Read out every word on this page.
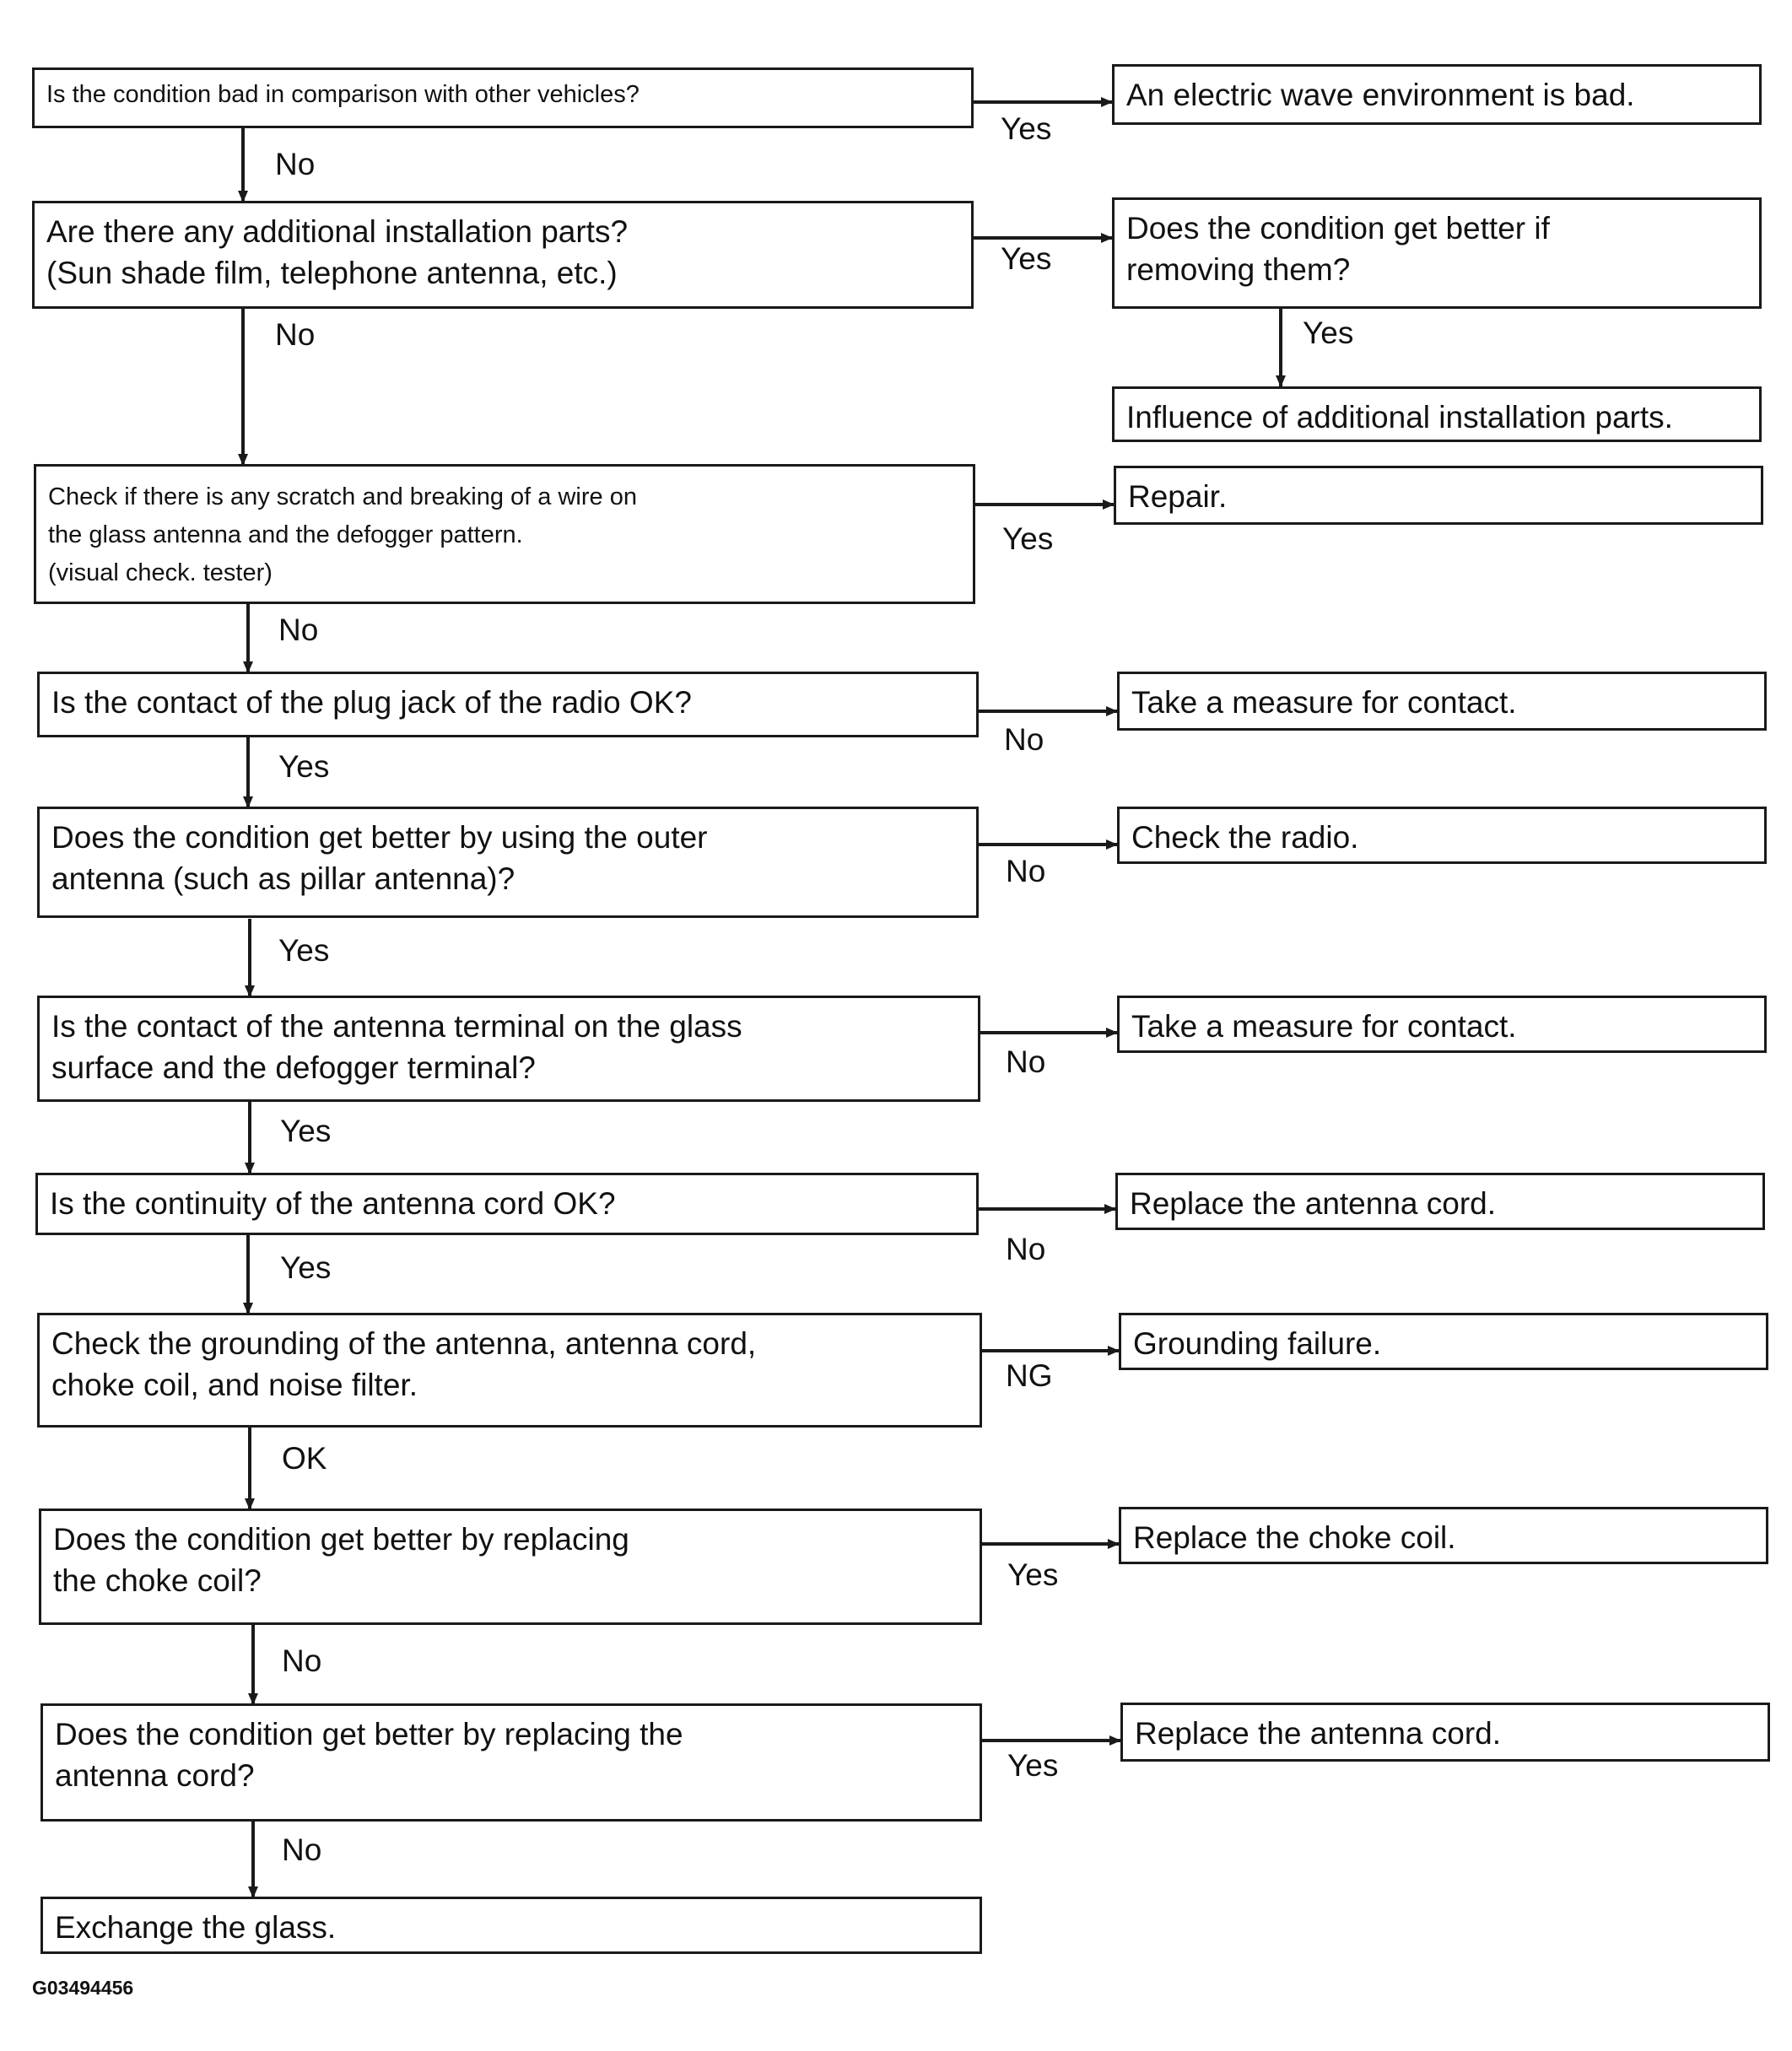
Is the condition bad in comparison with other vehicles?
Are there any additional installation parts?
(Sun shade film, telephone antenna, etc.)
Check if there is any scratch and breaking of a wire on
the glass antenna and the defogger pattern.
(visual check. tester)
Is the contact of the plug jack of the radio OK?
Does the condition get better by using the outer
antenna (such as pillar antenna)?
Is the contact of the antenna terminal on the glass
surface and the defogger terminal?
Is the continuity of the antenna cord OK?
Check the grounding of the antenna, antenna cord,
choke coil, and noise filter.
Does the condition get better by replacing
the choke coil?
Does the condition get better by replacing the
antenna cord?
Exchange the glass.
An electric wave environment is bad.
Does the condition get better if
removing them?
Influence of additional installation parts.
Repair.
Take a measure for contact.
Check the radio.
Take a measure for contact.
Replace the antenna cord.
Grounding failure.
Replace the choke coil.
Replace the antenna cord.
No
Yes
No
Yes
Yes
No
Yes
Yes
No
Yes
No
Yes
No
Yes
No
OK
NG
No
Yes
No
Yes
G03494456
